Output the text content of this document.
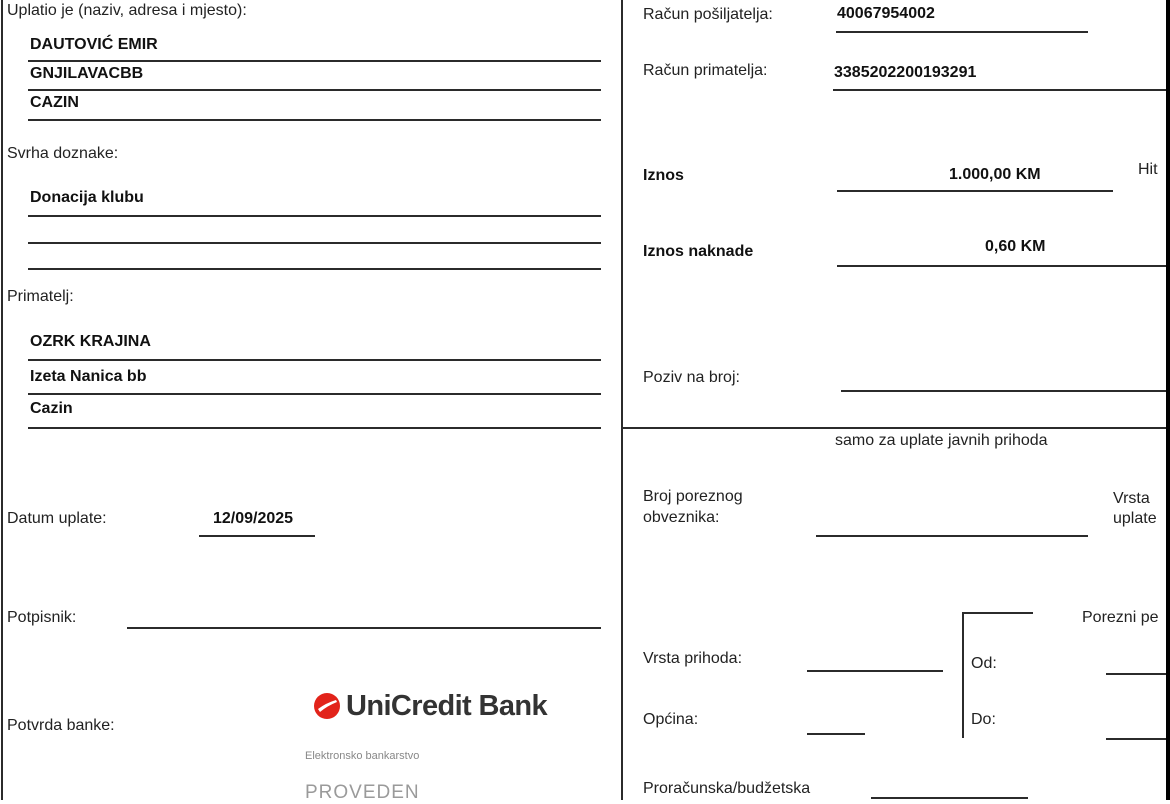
Uplatio je (naziv, adresa i mjesto):
DAUTOVIĆ EMIR
GNJILAVACBB
CAZIN
Svrha doznake:
Donacija klubu
Primatelj:
OZRK KRAJINA
Izeta Nanica bb
Cazin
Datum uplate:	12/09/2025
Potpisnik:
Potvrda banke:
UniCredit Bank
Elektronsko bankarstvo
PROVEDEN
Račun pošiljatelja:	40067954002
Račun primatelja:	3385202200193291
Iznos	1.000,00 KM	Hit
Iznos naknade	0,60 KM
Poziv na broj:
samo za uplate javnih prihoda
Broj poreznog
obveznika:
Vrsta
uplate
Porezni pe
Vrsta prihoda:	Od:
Općina:	Do:
Proračunska/budžetska
